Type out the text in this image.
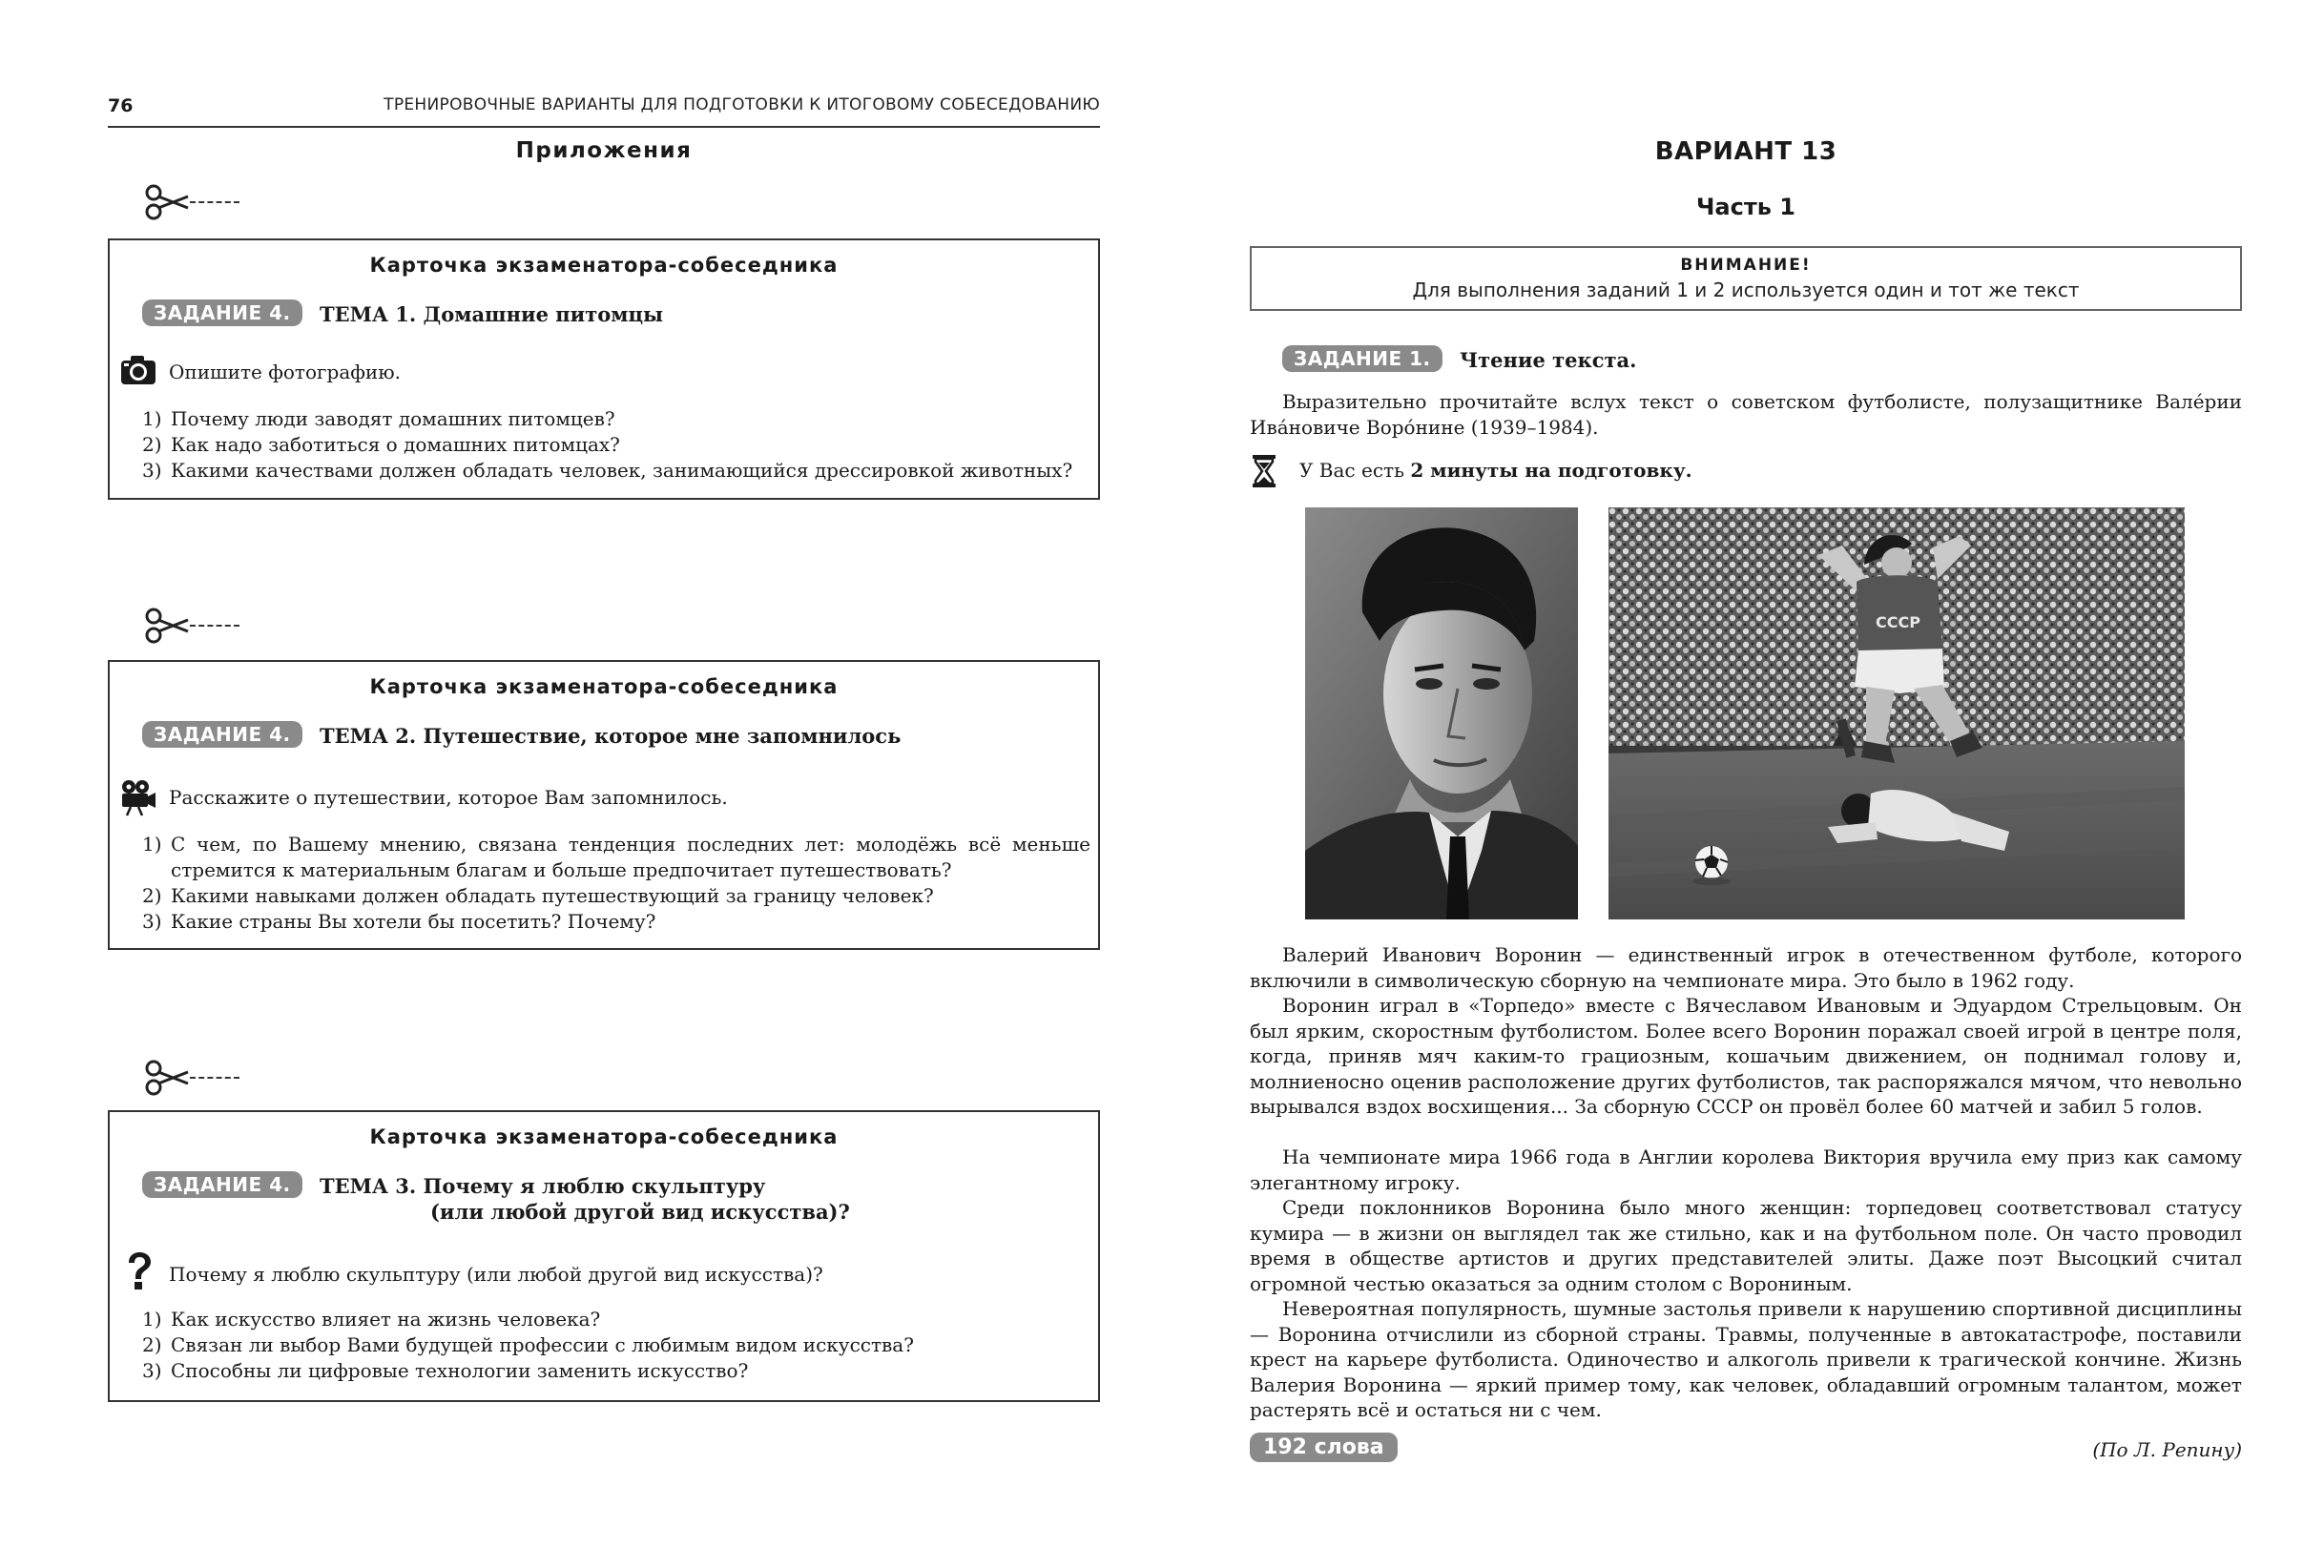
76	ТРЕНИРОВОЧНЫЕ ВАРИАНТЫ ДЛЯ ПОДГОТОВКИ К ИТОГОВОМУ СОБЕСЕДОВАНИЮ
Приложения
Карточка экзаменатора-собеседника
ЗАДАНИЕ 4.	ТЕМА 1. Домашние питомцы
Опишите фотографию.
1) Почему люди заводят домашних питомцев?
2) Как надо заботиться о домашних питомцах?
3) Какими качествами должен обладать человек, занимающийся дрессировкой животных?
Карточка экзаменатора-собеседника
ЗАДАНИЕ 4.	ТЕМА 2. Путешествие, которое мне запомнилось
Расскажите о путешествии, которое Вам запомнилось.
1) С чем, по Вашему мнению, связана тенденция последних лет: молодёжь всё меньше стремится к материальным благам и больше предпочитает путешествовать?
2) Какими навыками должен обладать путешествующий за границу человек?
3) Какие страны Вы хотели бы посетить? Почему?
Карточка экзаменатора-собеседника
ЗАДАНИЕ 4.	ТЕМА 3. Почему я люблю скульптуру
(или любой другой вид искусства)?
Почему я люблю скульптуру (или любой другой вид искусства)?
1) Как искусство влияет на жизнь человека?
2) Связан ли выбор Вами будущей профессии с любимым видом искусства?
3) Способны ли цифровые технологии заменить искусство?
ВАРИАНТ 13
Часть 1
ВНИМАНИЕ!
Для выполнения заданий 1 и 2 используется один и тот же текст
ЗАДАНИЕ 1.	Чтение текста.
Выразительно прочитайте вслух текст о советском футболисте, полузащитнике Вале́рии Ива́новиче Воро́нине (1939–1984).
У Вас есть 2 минуты на подготовку.
СССР
Валерий Иванович Воронин — единственный игрок в отечественном футболе, которого включили в символическую сборную на чемпионате мира. Это было в 1962 году.
Воронин играл в «Торпедо» вместе с Вячеславом Ивановым и Эдуардом Стрельцовым. Он был ярким, скоростным футболистом. Более всего Воронин поражал своей игрой в центре поля, когда, приняв мяч каким-то грациозным, кошачьим движением, он поднимал голову и, молниеносно оценив расположение других футболистов, так распоряжался мячом, что невольно вырывался вздох восхищения... За сборную СССР он провёл более 60 матчей и забил 5 голов.
На чемпионате мира 1966 года в Англии королева Виктория вручила ему приз как самому элегантному игроку.
Среди поклонников Воронина было много женщин: торпедовец соответствовал статусу кумира — в жизни он выглядел так же стильно, как и на футбольном поле. Он часто проводил время в обществе артистов и других представителей элиты. Даже поэт Высоцкий считал огромной честью оказаться за одним столом с Ворониным.
Невероятная популярность, шумные застолья привели к нарушению спортивной дисциплины — Воронина отчислили из сборной страны. Травмы, полученные в автокатастрофе, поставили крест на карьере футболиста. Одиночество и алкоголь привели к трагической кончине. Жизнь Валерия Воронина — яркий пример тому, как человек, обладавший огромным талантом, может растерять всё и остаться ни с чем.
192 слова	(По Л. Репину)
